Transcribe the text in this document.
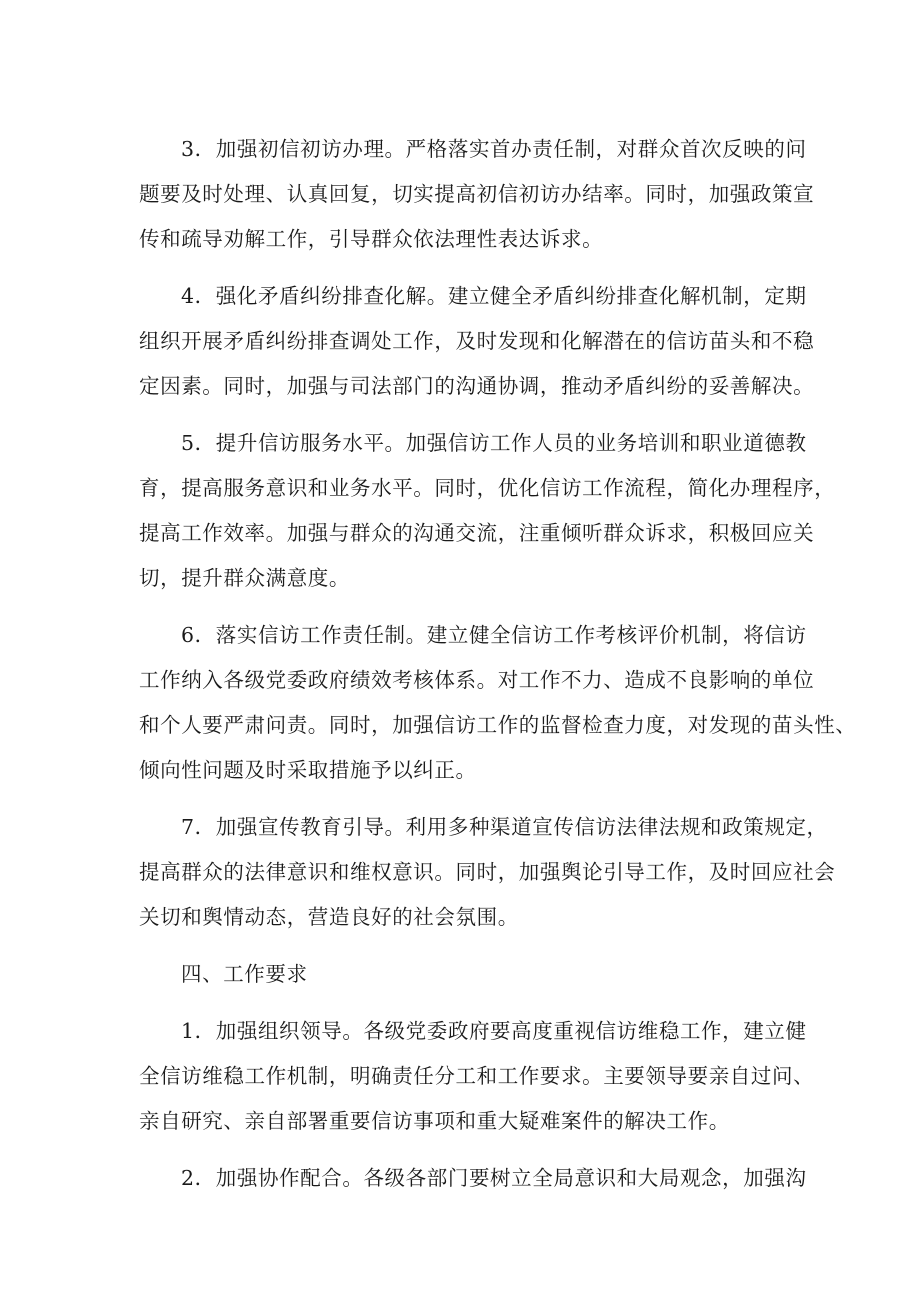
3．加强初信初访办理。严格落实首办责任制，对群众首次反映的问
题要及时处理、认真回复，切实提高初信初访办结率。同时，加强政策宣
传和疏导劝解工作，引导群众依法理性表达诉求。
4．强化矛盾纠纷排查化解。建立健全矛盾纠纷排查化解机制，定期
组织开展矛盾纠纷排查调处工作，及时发现和化解潜在的信访苗头和不稳
定因素。同时，加强与司法部门的沟通协调，推动矛盾纠纷的妥善解决。
5．提升信访服务水平。加强信访工作人员的业务培训和职业道德教
育，提高服务意识和业务水平。同时，优化信访工作流程，简化办理程序，
提高工作效率。加强与群众的沟通交流，注重倾听群众诉求，积极回应关
切，提升群众满意度。
6．落实信访工作责任制。建立健全信访工作考核评价机制，将信访
工作纳入各级党委政府绩效考核体系。对工作不力、造成不良影响的单位
和个人要严肃问责。同时，加强信访工作的监督检查力度，对发现的苗头性、
倾向性问题及时采取措施予以纠正。
7．加强宣传教育引导。利用多种渠道宣传信访法律法规和政策规定，
提高群众的法律意识和维权意识。同时，加强舆论引导工作，及时回应社会
关切和舆情动态，营造良好的社会氛围。
四、工作要求
1．加强组织领导。各级党委政府要高度重视信访维稳工作，建立健
全信访维稳工作机制，明确责任分工和工作要求。主要领导要亲自过问、
亲自研究、亲自部署重要信访事项和重大疑难案件的解决工作。
2．加强协作配合。各级各部门要树立全局意识和大局观念，加强沟
